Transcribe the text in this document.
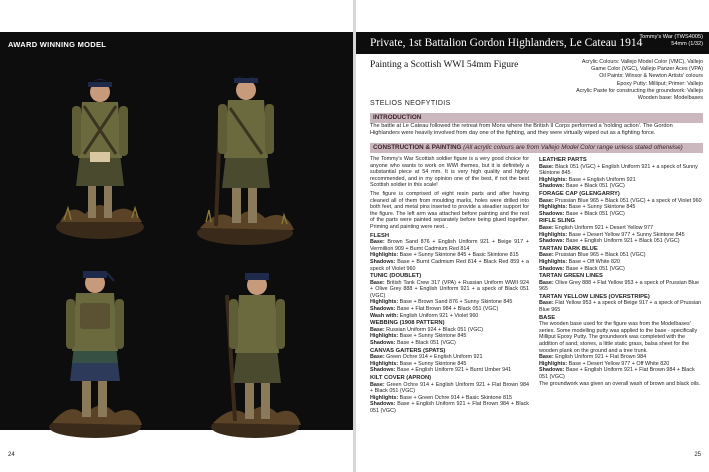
AWARD WINNING MODEL
24
Private, 1st Battalion Gordon Highlanders, Le Cateau 1914
Tommy's War (TWS4005)
54mm (1/32)
Painting a Scottish WWI 54mm Figure	Acrylic Colours: Vallejo Model Color (VMC), Vallejo
Game Color (VGC), Vallejo Panzer Aces (VPA)
Oil Paints: Winsor & Newton Artists' colours
Epoxy Putty: Milliput; Primer: Vallejo
Acrylic Paste for constructing the groundwork: Vallejo
Wooden base: Modelbases
STELIOS NEOFYTIDIS
INTRODUCTION
The battle at Le Cateau followed the retreat from Mons where the British II Corps performed a 'holding action'. The Gordon Highlanders were heavily involved from day one of the fighting, and they were virtually wiped out as a fighting force.
CONSTRUCTION & PAINTING (All acrylic colours are from Vallejo Model Color range unless stated otherwise)

The Tommy's War Scottish soldier figure is a very good choice for anyone who wants to work on WWI themes, but it is definitely a substantial piece at 54 mm. It is very high quality and highly recommended, and in my opinion one of the best, if not the best Scottish soldier in this scale!

The figure is comprised of eight resin parts and after having cleaned all of them from moulding marks, holes were drilled into both feet, and metal pins inserted to provide a steadier support for the figure. The left arm was attached before painting and the rest of the parts were painted separately before being glued together. Priming and painting were next...

FLESH
Base: Brown Sand 876 + English Uniform 921 + Beige 917 + Vermillion 909 + Burnt Cadmium Red 814
Highlights: Base + Sunny Skintone 845 + Basic Skintone 815
Shadows: Base + Burnt Cadmium Red 814 + Black Red 859 + a speck of Violet 960
TUNIC (DOUBLET)
Base: British Tank Crew 317 (VPA) + Russian Uniform WWII 924 + Olive Grey 888 + English Uniform 921 + a speck of Black 051 (VGC)
Highlights: Base + Brown Sand 876 + Sunny Skintone 845
Shadows: Base + Flat Brown 984 + Black 051 (VGC)
Wash with: English Uniform 921 + Violet 960
WEBBING (1908 PATTERN)
Base: Russian Uniform 924 + Black 051 (VGC)
Highlights: Base + Sunny Skintone 845
Shadows: Base + Black 051 (VGC)
CANVAS GAITERS (SPATS)
Base: Green Ochre 914 + English Uniform 921
Highlights: Base + Sunny Skintone 845
Shadows: Base + English Uniform 921 + Burnt Umber 941
KILT COVER (APRON)
Base: Green Ochre 914 + English Uniform 921 + Flat Brown 984 + Black 051 (VGC)
Highlights: Base + Green Ochre 914 + Basic Skintone 815
Shadows: Base + English Uniform 921 + Flat Brown 984 + Black 051 (VGC)
LEATHER PARTS
Base: Black 051 (VGC) + English Uniform 921 + a speck of Sunny Skintone 845
Highlights: Base + English Uniform 921
Shadows: Base + Black 051 (VGC)
FORAGE CAP (GLENGARRY)
Base: Prussian Blue 965 + Black 051 (VGC) + a speck of Violet 960
Highlights: Base + Sunny Skintone 845
Shadows: Base + Black 051 (VGC)
RIFLE SLING
Base: English Uniform 921 + Desert Yellow 977
Highlights: Base + Desert Yellow 977 + Sunny Skintone 845
Shadows: Base + English Uniform 921 + Black 051 (VGC)
TARTAN DARK BLUE
Base: Prussian Blue 965 + Black 051 (VGC)
Highlights: Base + Off White 820
Shadows: Base + Black 051 (VGC)
TARTAN GREEN LINES
Base: Olive Grey 888 + Flat Yellow 953 + a speck of Prussian Blue 965
TARTAN YELLOW LINES (OVERSTRIPE)
Base: Flat Yellow 953 + a speck of Beige 917 + a speck of Prussian Blue 965
BASE
The wooden base used for the figure was from the Modelbases' series. Some modelling putty was applied to the base - specifically Milliput Epoxy Putty. The groundwork was completed with the addition of sand, stones, a little static grass, balsa sheet for the wooden plank on the ground and a tree trunk.
Base: English Uniform 921 + Flat Brown 984
Highlights: Base + Desert Yellow 977 + Off White 820
Shadows: Base + English Uniform 921 + Flat Brown 984 + Black 051 (VGC)
The groundwork was given an overall wash of brown and black oils.
25
